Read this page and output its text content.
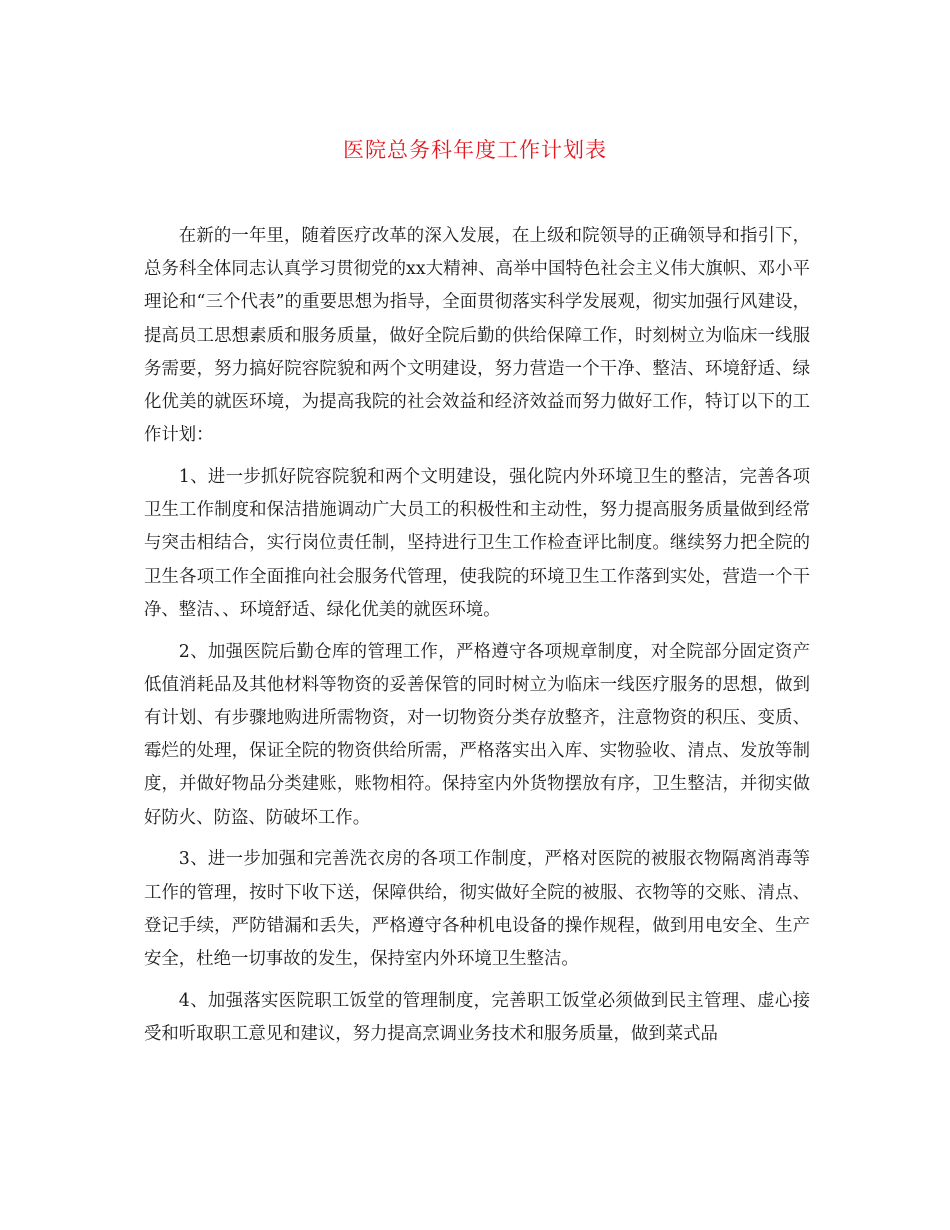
医院总务科年度工作计划表

在新的一年里，随着医疗改革的深入发展，在上级和院领导的正确领导和指引下，总务科全体同志认真学习贯彻党的xx大精神、高举中国特色社会主义伟大旗帜、邓小平理论和“三个代表”的重要思想为指导，全面贯彻落实科学发展观，彻实加强行风建设，提高员工思想素质和服务质量，做好全院后勤的供给保障工作，时刻树立为临床一线服务需要，努力搞好院容院貌和两个文明建设，努力营造一个干净、整洁、环境舒适、绿化优美的就医环境，为提高我院的社会效益和经济效益而努力做好工作，特订以下的工作计划：

1、进一步抓好院容院貌和两个文明建设，强化院内外环境卫生的整洁，完善各项卫生工作制度和保洁措施调动广大员工的积极性和主动性，努力提高服务质量做到经常与突击相结合，实行岗位责任制，坚持进行卫生工作检查评比制度。继续努力把全院的卫生各项工作全面推向社会服务代管理，使我院的环境卫生工作落到实处，营造一个干净、整洁、、环境舒适、绿化优美的就医环境。

2、加强医院后勤仓库的管理工作，严格遵守各项规章制度，对全院部分固定资产低值消耗品及其他材料等物资的妥善保管的同时树立为临床一线医疗服务的思想，做到有计划、有步骤地购进所需物资，对一切物资分类存放整齐，注意物资的积压、变质、霉烂的处理，保证全院的物资供给所需，严格落实出入库、实物验收、清点、发放等制度，并做好物品分类建账，账物相符。保持室内外货物摆放有序，卫生整洁，并彻实做好防火、防盗、防破坏工作。

3、进一步加强和完善洗衣房的各项工作制度，严格对医院的被服衣物隔离消毒等工作的管理，按时下收下送，保障供给，彻实做好全院的被服、衣物等的交账、清点、登记手续，严防错漏和丢失，严格遵守各种机电设备的操作规程，做到用电安全、生产安全，杜绝一切事故的发生，保持室内外环境卫生整洁。

4、加强落实医院职工饭堂的管理制度，完善职工饭堂必须做到民主管理、虚心接受和听取职工意见和建议，努力提高烹调业务技术和服务质量，做到菜式品
